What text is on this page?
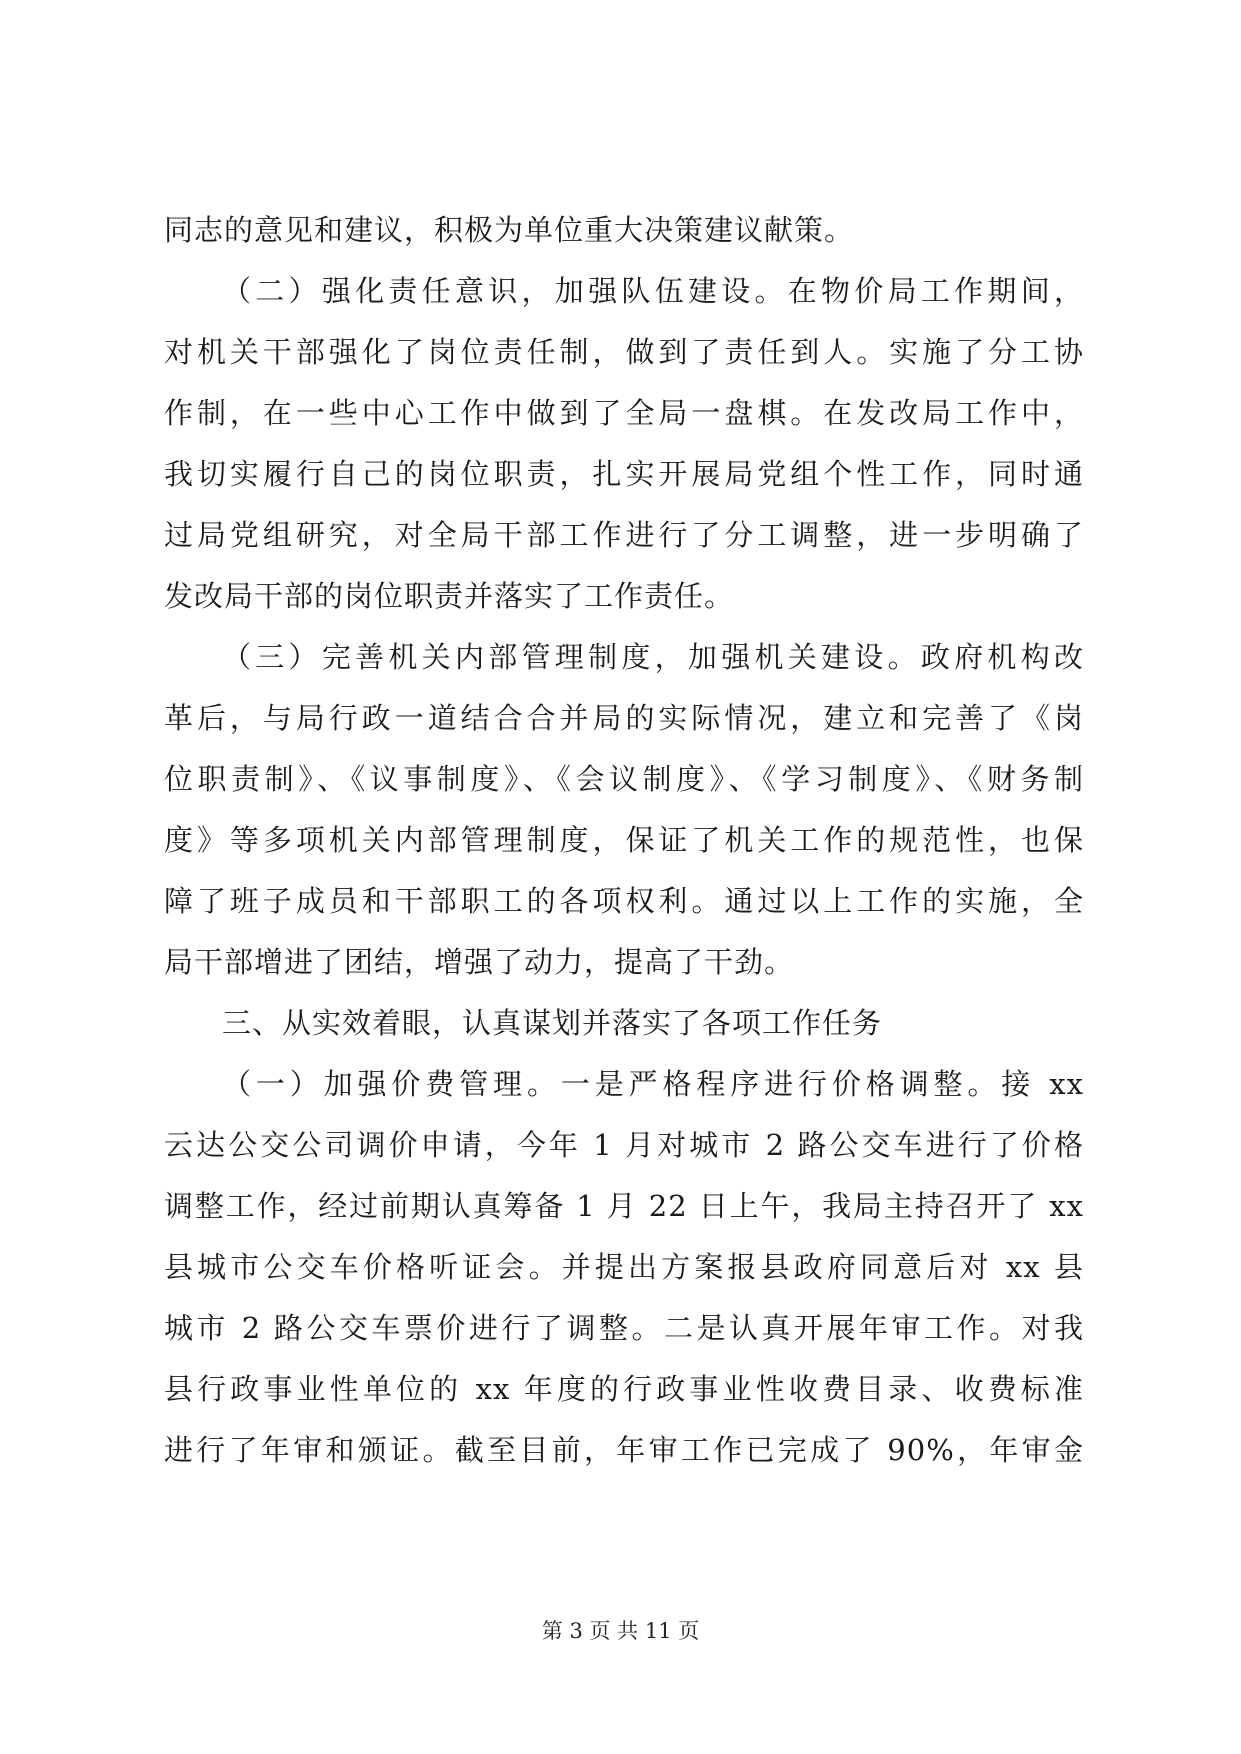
同志的意见和建议，积极为单位重大决策建议献策。
（二）强化责任意识，加强队伍建设。在物价局工作期间，
对机关干部强化了岗位责任制，做到了责任到人。实施了分工协
作制，在一些中心工作中做到了全局一盘棋。在发改局工作中，
我切实履行自己的岗位职责，扎实开展局党组个性工作，同时通
过局党组研究，对全局干部工作进行了分工调整，进一步明确了
发改局干部的岗位职责并落实了工作责任。
（三）完善机关内部管理制度，加强机关建设。政府机构改
革后，与局行政一道结合合并局的实际情况，建立和完善了《岗
位职责制》、《议事制度》、《会议制度》、《学习制度》、《财务制
度》等多项机关内部管理制度，保证了机关工作的规范性，也保
障了班子成员和干部职工的各项权利。通过以上工作的实施，全
局干部增进了团结，增强了动力，提高了干劲。
三、从实效着眼，认真谋划并落实了各项工作任务
（一）加强价费管理。一是严格程序进行价格调整。接 xx
云达公交公司调价申请，今年 1 月对城市 2 路公交车进行了价格
调整工作，经过前期认真筹备 1 月 22 日上午，我局主持召开了 xx
县城市公交车价格听证会。并提出方案报县政府同意后对 xx 县
城市 2 路公交车票价进行了调整。二是认真开展年审工作。对我
县行政事业性单位的 xx 年度的行政事业性收费目录、收费标准
进行了年审和颁证。截至目前，年审工作已完成了 90%，年审金
第 3 页 共 11 页
